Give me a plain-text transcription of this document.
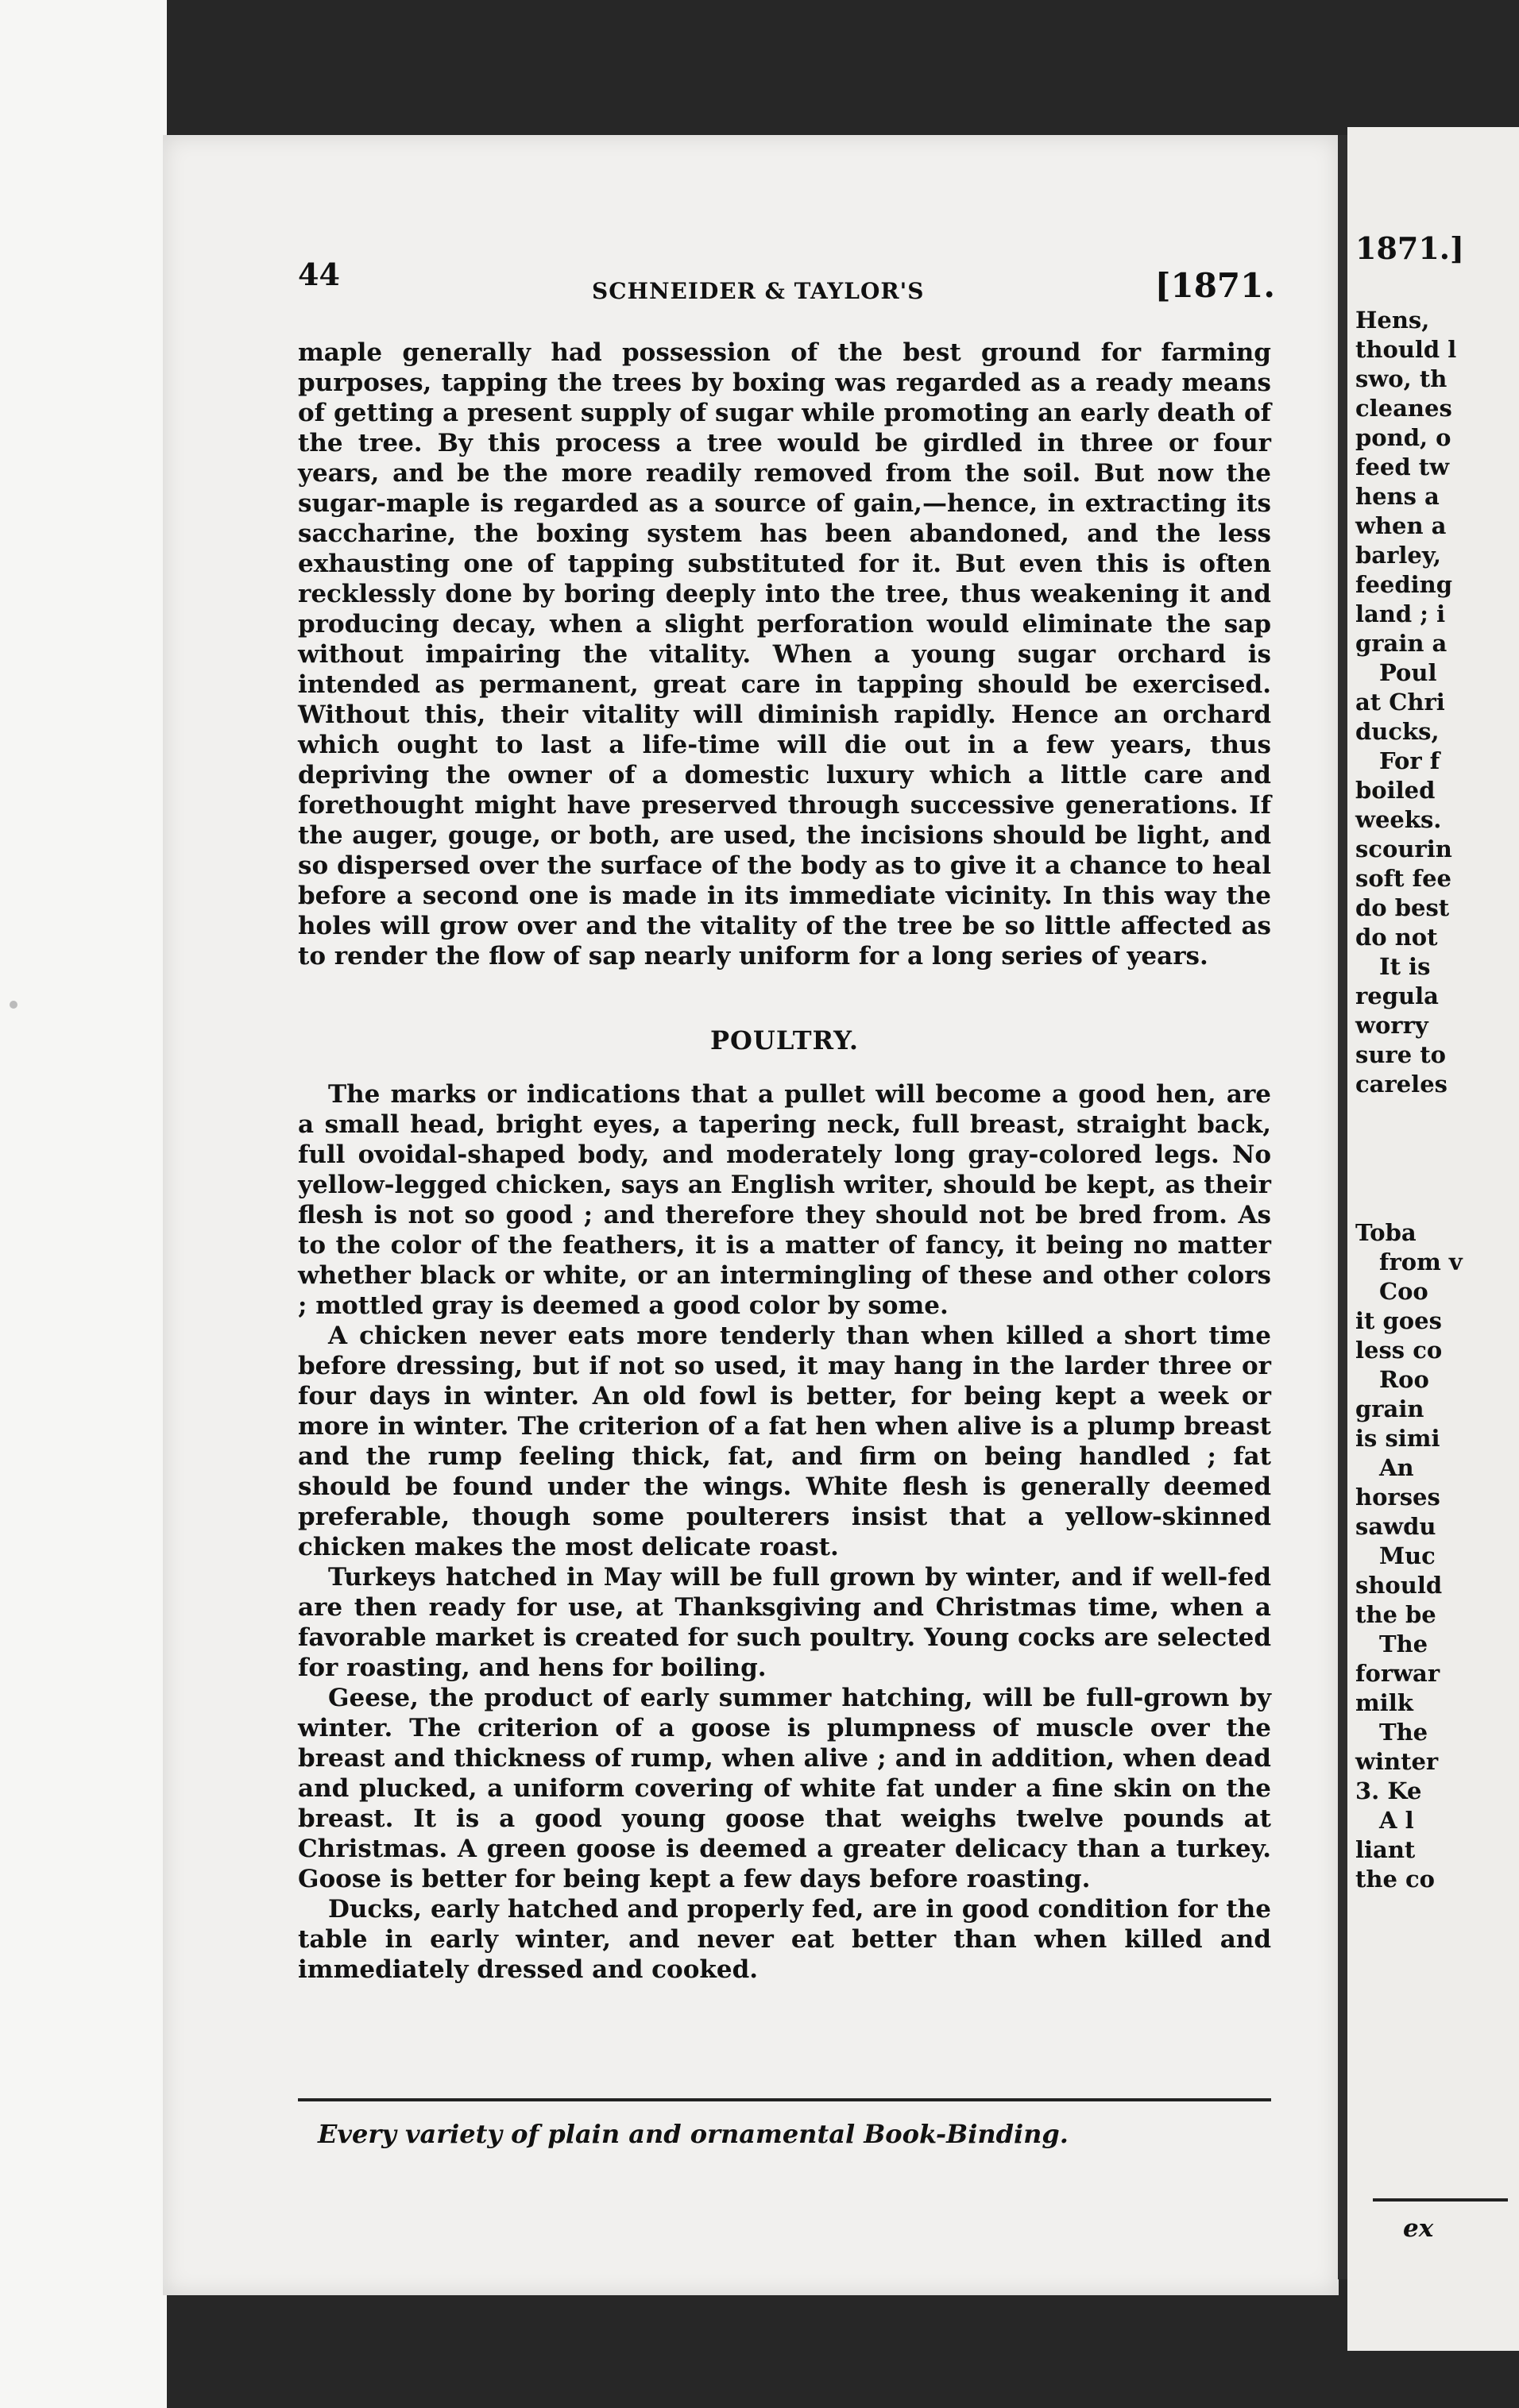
1871.]
Hens,
thould l
swo, th
cleanes
pond, o
feed tw
hens a
when a
barley,
feeding
land ; i
grain a
Poul
at Chri
ducks,
For f
boiled
weeks.
scourin
soft fee
do best
do not
It is
regula
worry
sure to
careles
Toba
from v
Coo
it goes
less co
Roo
grain
is simi
An
horses
sawdu
Muc
should
the be
The
forwar
milk
The
winter
3. Ke
A l
liant
the co
ex
44	SCHNEIDER & TAYLOR'S	[1871.

maple generally had possession of the best ground for farming purposes, tapping the trees by boxing was regarded as a ready means of getting a present supply of sugar while promoting an early death of the tree. By this process a tree would be girdled in three or four years, and be the more readily removed from the soil. But now the sugar-maple is regarded as a source of gain,—hence, in extracting its saccharine, the boxing system has been abandoned, and the less exhausting one of tapping substituted for it. But even this is often recklessly done by boring deeply into the tree, thus weakening it and producing decay, when a slight perforation would eliminate the sap without impairing the vitality. When a young sugar orchard is intended as permanent, great care in tapping should be exercised. Without this, their vitality will diminish rapidly. Hence an orchard which ought to last a life-time will die out in a few years, thus depriving the owner of a domestic luxury which a little care and forethought might have preserved through successive generations. If the auger, gouge, or both, are used, the incisions should be light, and so dispersed over the surface of the body as to give it a chance to heal before a second one is made in its immediate vicinity. In this way the holes will grow over and the vitality of the tree be so little affected as to render the flow of sap nearly uniform for a long series of years.

POULTRY.

The marks or indications that a pullet will become a good hen, are a small head, bright eyes, a tapering neck, full breast, straight back, full ovoidal-shaped body, and moderately long gray-colored legs. No yellow-legged chicken, says an English writer, should be kept, as their flesh is not so good ; and therefore they should not be bred from. As to the color of the feathers, it is a matter of fancy, it being no matter whether black or white, or an intermingling of these and other colors ; mottled gray is deemed a good color by some.

A chicken never eats more tenderly than when killed a short time before dressing, but if not so used, it may hang in the larder three or four days in winter. An old fowl is better, for being kept a week or more in winter. The criterion of a fat hen when alive is a plump breast and the rump feeling thick, fat, and firm on being handled ; fat should be found under the wings. White flesh is generally deemed preferable, though some poulterers insist that a yellow-skinned chicken makes the most delicate roast.

Turkeys hatched in May will be full grown by winter, and if well-fed are then ready for use, at Thanksgiving and Christmas time, when a favorable market is created for such poultry. Young cocks are selected for roasting, and hens for boiling.

Geese, the product of early summer hatching, will be full-grown by winter. The criterion of a goose is plumpness of muscle over the breast and thickness of rump, when alive ; and in addition, when dead and plucked, a uniform covering of white fat under a fine skin on the breast. It is a good young goose that weighs twelve pounds at Christmas. A green goose is deemed a greater delicacy than a turkey. Goose is better for being kept a few days before roasting.

Ducks, early hatched and properly fed, are in good condition for the table in early winter, and never eat better than when killed and immediately dressed and cooked.

Every variety of plain and ornamental Book-Binding.
